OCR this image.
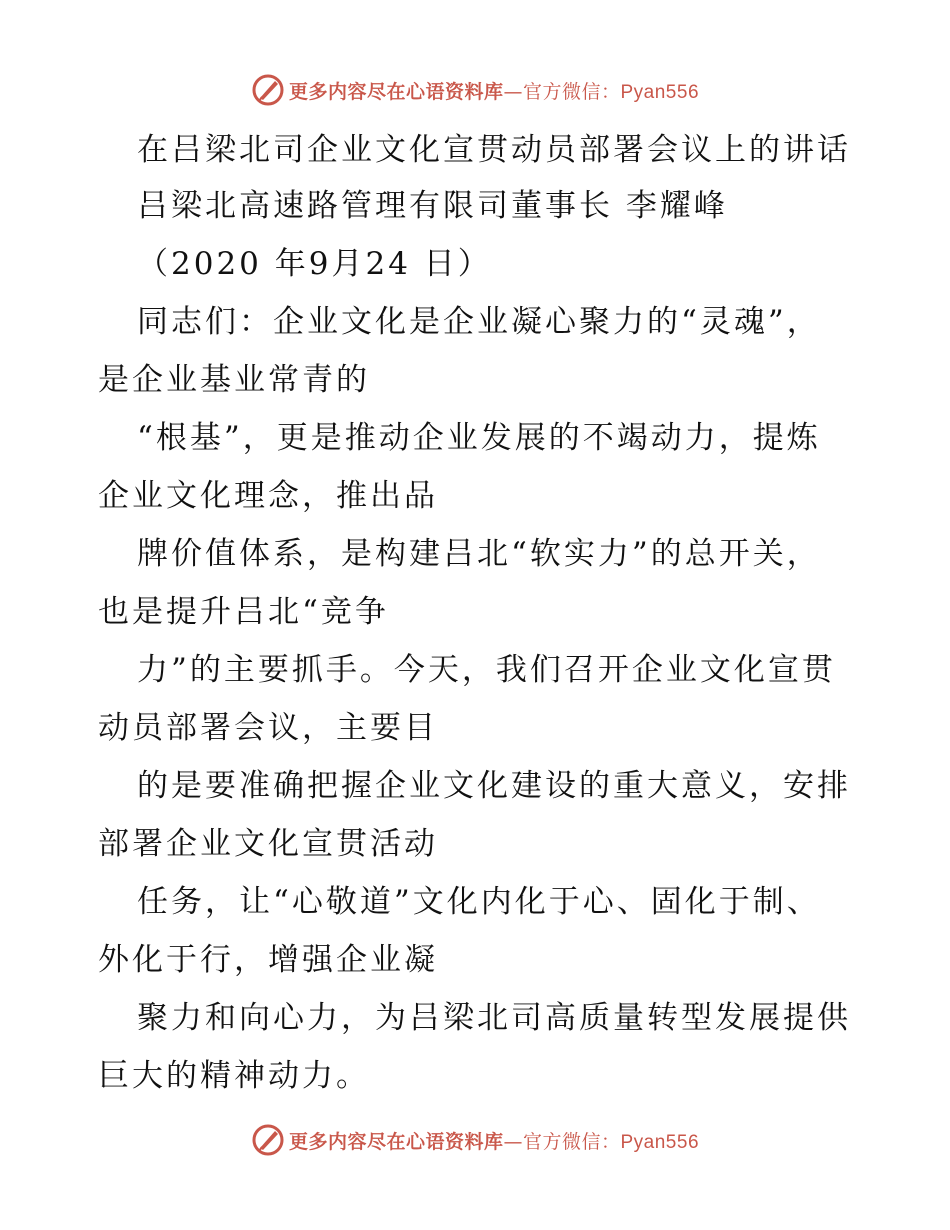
更多内容尽在心语资料库—官方微信：Pyan556
在吕梁北司企业文化宣贯动员部署会议上的讲话
吕梁北高速路管理有限司董事长 李耀峰
（2020 年9月24 日）
同志们：企业文化是企业凝心聚力的“灵魂”，
是企业基业常青的
“根基”，更是推动企业发展的不竭动力，提炼
企业文化理念，推出品
牌价值体系，是构建吕北“软实力”的总开关，
也是提升吕北“竞争
力”的主要抓手。今天，我们召开企业文化宣贯
动员部署会议，主要目
的是要准确把握企业文化建设的重大意义，安排
部署企业文化宣贯活动
任务，让“心敬道”文化内化于心、固化于制、
外化于行，增强企业凝
聚力和向心力，为吕梁北司高质量转型发展提供
巨大的精神动力。
更多内容尽在心语资料库—官方微信：Pyan556
